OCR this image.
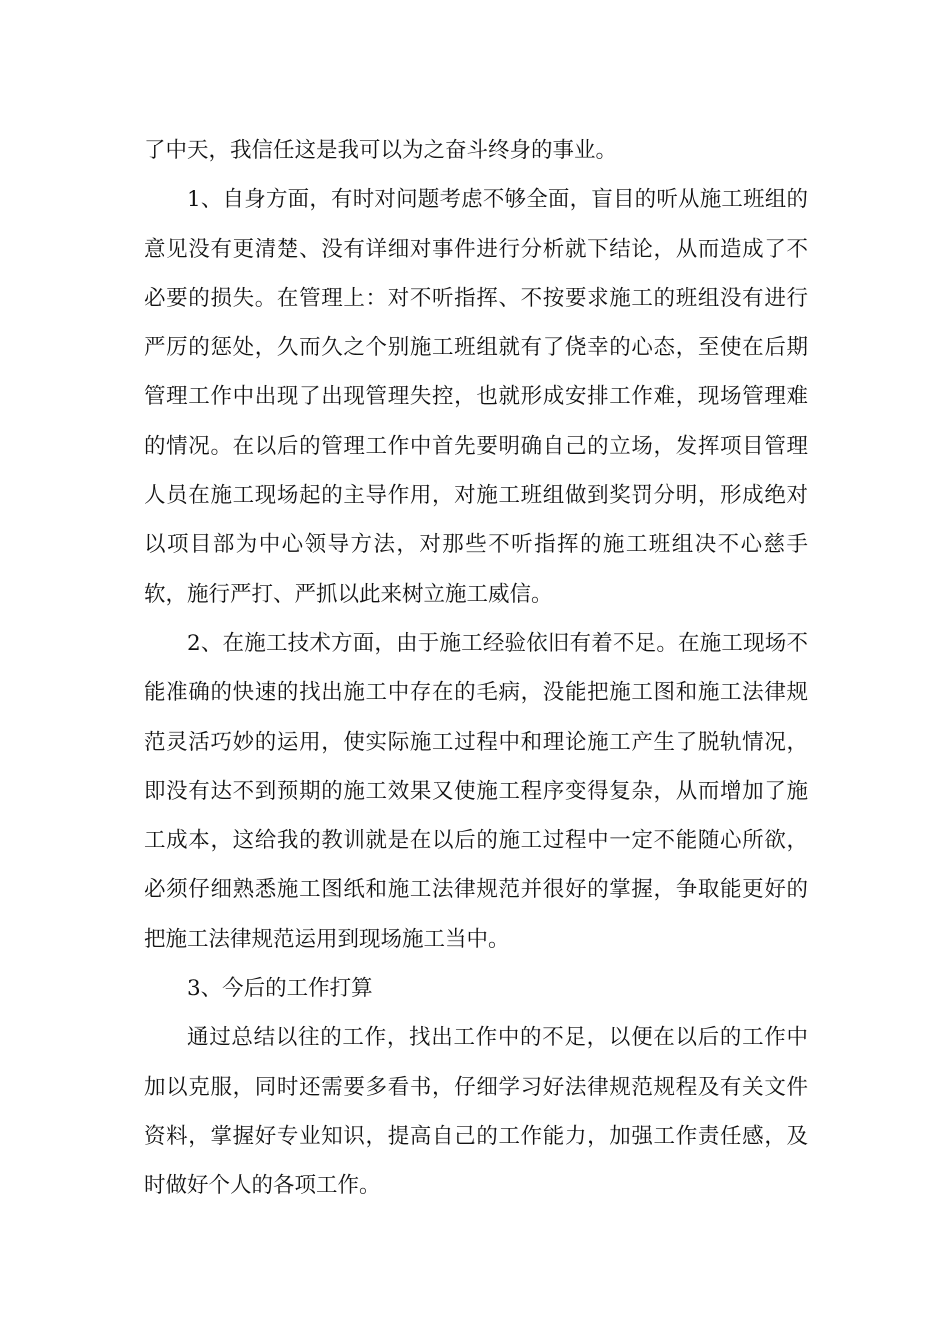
了中天，我信任这是我可以为之奋斗终身的事业。

1、自身方面，有时对问题考虑不够全面，盲目的听从施工班组的意见没有更清楚、没有详细对事件进行分析就下结论，从而造成了不必要的损失。在管理上：对不听指挥、不按要求施工的班组没有进行严厉的惩处，久而久之个别施工班组就有了侥幸的心态，至使在后期管理工作中出现了出现管理失控，也就形成安排工作难，现场管理难的情况。在以后的管理工作中首先要明确自己的立场，发挥项目管理人员在施工现场起的主导作用，对施工班组做到奖罚分明，形成绝对以项目部为中心领导方法，对那些不听指挥的施工班组决不心慈手软，施行严打、严抓以此来树立施工威信。

2、在施工技术方面，由于施工经验依旧有着不足。在施工现场不能准确的快速的找出施工中存在的毛病，没能把施工图和施工法律规范灵活巧妙的运用，使实际施工过程中和理论施工产生了脱轨情况，即没有达不到预期的施工效果又使施工程序变得复杂，从而增加了施工成本，这给我的教训就是在以后的施工过程中一定不能随心所欲，必须仔细熟悉施工图纸和施工法律规范并很好的掌握，争取能更好的把施工法律规范运用到现场施工当中。

3、今后的工作打算

通过总结以往的工作，找出工作中的不足，以便在以后的工作中加以克服，同时还需要多看书，仔细学习好法律规范规程及有关文件资料，掌握好专业知识，提高自己的工作能力，加强工作责任感，及时做好个人的各项工作。
